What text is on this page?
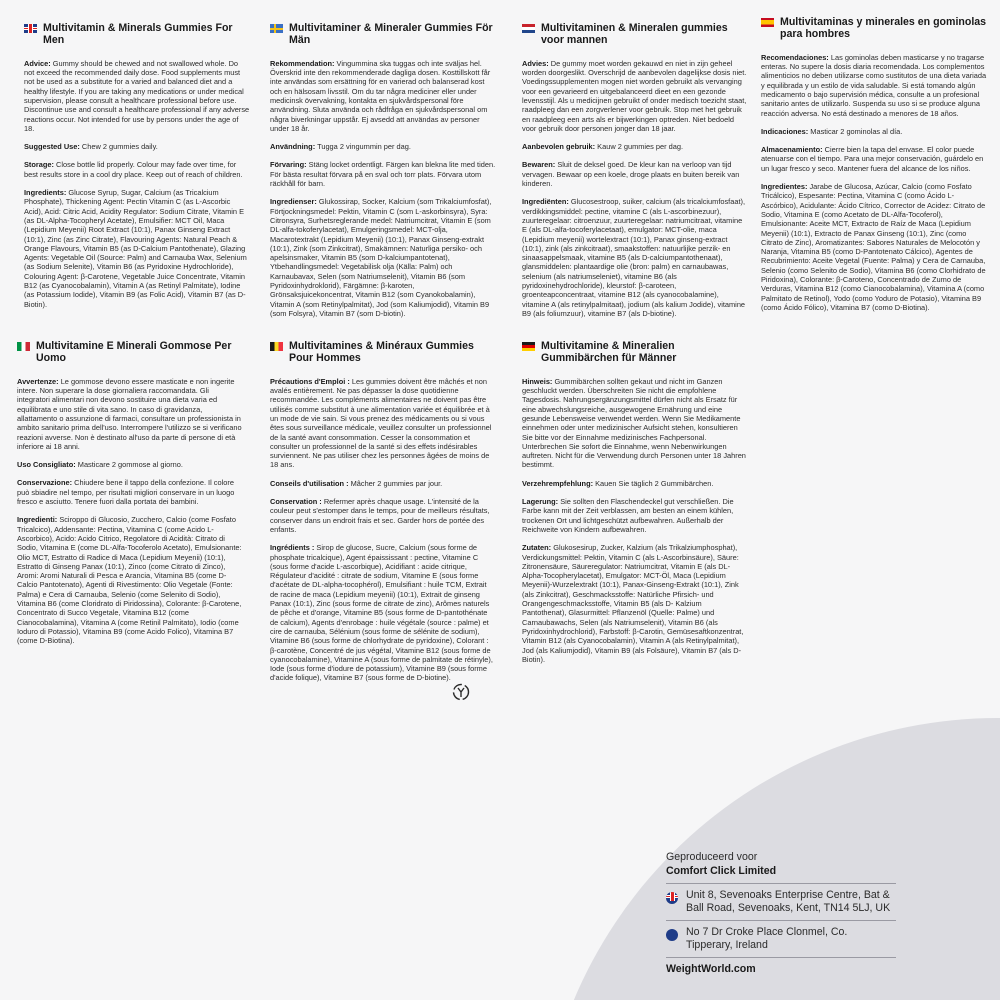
Multivitamin & Minerals Gummies For Men

Advice: Gummy should be chewed and not swallowed whole. Do not exceed the recommended daily dose. Food supplements must not be used as a substitute for a varied and balanced diet and a healthy lifestyle. If you are taking any medications or under medical supervision, please consult a healthcare professional before use. Discontinue use and consult a healthcare professional if any adverse reactions occur. Not intended for use by persons under the age of 18.

Suggested Use: Chew 2 gummies daily.

Storage: Close bottle lid properly. Colour may fade over time, for best results store in a cool dry place. Keep out of reach of children.

Ingredients: Glucose Syrup, Sugar, Calcium (as Tricalcium Phosphate), Thickening Agent: Pectin Vitamin C (as L-Ascorbic Acid), Acid: Citric Acid, Acidity Regulator: Sodium Citrate, Vitamin E (as DL-Alpha-Tocopheryl Acetate), Emulsifier: MCT Oil, Maca (Lepidium Meyenii) Root Extract (10:1), Panax Ginseng Extract (10:1), Zinc (as Zinc Citrate), Flavouring Agents: Natural Peach & Orange Flavours, Vitamin B5 (as D-Calcium Pantothenate), Glazing Agents: Vegetable Oil (Source: Palm) and Carnauba Wax, Selenium (as Sodium Selenite), Vitamin B6 (as Pyridoxine Hydrochloride), Colouring Agent: β-Carotene, Vegetable Juice Concentrate, Vitamin B12 (as Cyanocobalamin), Vitamin A (as Retinyl Palmitate), Iodine (as Potassium Iodide), Vitamin B9 (as Folic Acid), Vitamin B7 (as D- Biotin).

Multivitaminer & Mineraler Gummies För Män

Rekommendation: Vingummina ska tuggas och inte sväljas hel. Överskrid inte den rekommenderade dagliga dosen. Kosttillskott får inte användas som ersättning för en varierad och balanserad kost och en hälsosam livsstil. Om du tar några mediciner eller under medicinsk övervakning, kontakta en sjukvårdspersonal före användning. Sluta använda och rådfråga en sjukvårdspersonal om några biverkningar uppstår. Ej avsedd att användas av personer under 18 år.

Användning: Tugga 2 vingummin per dag.

Förvaring: Stäng locket ordentligt. Färgen kan blekna lite med tiden. För bästa resultat förvara på en sval och torr plats. Förvara utom räckhåll för barn.

Ingredienser: Glukossirap, Socker, Kalcium (som Trikalciumfosfat), Förtjockningsmedel: Pektin, Vitamin C (som L-askorbinsyra), Syra: Citronsyra, Surhetsreglerande medel: Natriumcitrat, Vitamin E (som DL-alfa-tokoferylacetat), Emulgeringsmedel: MCT-olja, Macarotextrakt (Lepidium Meyenii) (10:1), Panax Ginseng-extrakt (10:1), Zink (som Zinkcitrat), Smakämnen: Naturliga persiko- och apelsinsmaker, Vitamin B5 (som D-kalciumpantotenat), Ytbehandlingsmedel: Vegetabilisk olja (Källa: Palm) och Karnaubavax, Selen (som Natriumselenit), Vitamin B6 (som Pyridoxinhydroklorid), Färgämne: β-karoten, Grönsaksjuicekoncentrat, Vitamin B12 (som Cyanokobalamin), Vitamin A (som Retinylpalmitat), Jod (som Kaliumjodid), Vitamin B9 (som Folsyra), Vitamin B7 (som D-biotin).

Multivitaminen & Mineralen gummies voor mannen

Advies: De gummy moet worden gekauwd en niet in zijn geheel worden doorgeslikt. Overschrijd de aanbevolen dagelijkse dosis niet. Voedingssupplementen mogen niet worden gebruikt als vervanging voor een gevarieerd en uitgebalanceerd dieet en een gezonde levensstijl. Als u medicijnen gebruikt of onder medisch toezicht staat, raadpleeg dan een zorgverlener voor gebruik. Stop met het gebruik en raadpleeg een arts als er bijwerkingen optreden. Niet bedoeld voor gebruik door personen jonger dan 18 jaar.

Aanbevolen gebruik: Kauw 2 gummies per dag.

Bewaren: Sluit de deksel goed. De kleur kan na verloop van tijd vervagen. Bewaar op een koele, droge plaats en buiten bereik van kinderen.

Ingrediënten: Glucosestroop, suiker, calcium (als tricalciumfosfaat), verdikkingsmiddel: pectine, vitamine C (als L-ascorbinezuur), zuurteregelaar: citroenzuur, zuurteregelaar: natriumcitraat, vitamine E (als DL-alfa-tocoferylacetaat), emulgator: MCT-olie, maca (Lepidium meyenii) wortelextract (10:1), Panax ginseng-extract (10:1), zink (als zinkcitraat), smaakstoffen: natuurlijke perzik- en sinaasappelsmaak, vitamine B5 (als D-calciumpantothenaat), glansmiddelen: plantaardige olie (bron: palm) en carnaubawas, selenium (als natriumseleniet), vitamine B6 (als pyridoxinehydrochloride), kleurstof: β-caroteen, groenteapconcentraat, vitamine B12 (als cyanocobalamine), vitamine A (als retinylpalmitaat), jodium (als kalium Jodide), vitamine B9 (als foliumzuur), vitamine B7 (als D-biotine).

Multivitaminas y minerales en gominolas para hombres

Recomendaciones: Las gominolas deben masticarse y no tragarse enteras. No supere la dosis diaria recomendada. Los complementos alimenticios no deben utilizarse como sustitutos de una dieta variada y equilibrada y un estilo de vida saludable. Si está tomando algún medicamento o bajo supervisión médica, consulte a un profesional sanitario antes de utilizarlo. Suspenda su uso si se produce alguna reacción adversa. No está destinado a menores de 18 años.

Indicaciones: Masticar 2 gominolas al día.

Almacenamiento: Cierre bien la tapa del envase. El color puede atenuarse con el tiempo. Para una mejor conservación, guárdelo en un lugar fresco y seco. Mantener fuera del alcance de los niños.

Ingredientes: Jarabe de Glucosa, Azúcar, Calcio (como Fosfato Tricálcico), Espesante: Pectina, Vitamina C (como Ácido L-Ascórbico), Acidulante: Ácido Cítrico, Corrector de Acidez: Citrato de Sodio, Vitamina E (como Acetato de DL-Alfa-Tocoferol), Emulsionante: Aceite MCT, Extracto de Raíz de Maca (Lepidium Meyenii) (10:1), Extracto de Panax Ginseng (10:1), Zinc (como Citrato de Zinc), Aromatizantes: Sabores Naturales de Melocotón y Naranja, Vitamina B5 (como D-Pantotenato Cálcico), Agentes de Recubrimiento: Aceite Vegetal (Fuente: Palma) y Cera de Carnauba, Selenio (como Selenito de Sodio), Vitamina B6 (como Clorhidrato de Piridoxina), Colorante: β-Caroteno, Concentrado de Zumo de Verduras, Vitamina B12 (como Cianocobalamina), Vitamina A (como Palmitato de Retinol), Yodo (como Yoduro de Potasio), Vitamina B9 (como Ácido Fólico), Vitamina B7 (como D-Biotina).

Multivitamine E Minerali Gommose Per Uomo

Avvertenze: Le gommose devono essere masticate e non ingerite intere. Non superare la dose giornaliera raccomandata. Gli integratori alimentari non devono sostituire una dieta varia ed equilibrata e uno stile di vita sano. In caso di gravidanza, allattamento o assunzione di farmaci, consultare un professionista in ambito sanitario prima dell'uso. Interrompere l'utilizzo se si verificano reazioni avverse. Non è destinato all'uso da parte di persone di età inferiore ai 18 anni.

Uso Consigliato: Masticare 2 gommose al giorno.

Conservazione: Chiudere bene il tappo della confezione. Il colore può sbiadire nel tempo, per risultati migliori conservare in un luogo fresco e asciutto. Tenere fuori dalla portata dei bambini.

Ingredienti: Sciroppo di Glucosio, Zucchero, Calcio (come Fosfato Tricalcico), Addensante: Pectina, Vitamina C (come Acido L-Ascorbico), Acido: Acido Citrico, Regolatore di Acidità: Citrato di Sodio, Vitamina E (come DL-Alfa-Tocoferolo Acetato), Emulsionante: Olio MCT, Estratto di Radice di Maca (Lepidium Meyenii) (10:1), Estratto di Ginseng Panax (10:1), Zinco (come Citrato di Zinco), Aromi: Aromi Naturali di Pesca e Arancia, Vitamina B5 (come D-Calcio Pantotenato), Agenti di Rivestimento: Olio Vegetale (Fonte: Palma) e Cera di Carnauba, Selenio (come Selenito di Sodio), Vitamina B6 (come Cloridrato di Piridossina), Colorante: β-Carotene, Concentrato di Succo Vegetale, Vitamina B12 (come Cianocobalamina), Vitamina A (come Retinil Palmitato), Iodio (come Ioduro di Potassio), Vitamina B9 (come Acido Folico), Vitamina B7 (come D-Biotina).

Multivitamines & Minéraux Gummies Pour Hommes

Précautions d'Emploi : Les gummies doivent être mâchés et non avalés entièrement. Ne pas dépasser la dose quotidienne recommandée. Les compléments alimentaires ne doivent pas être utilisés comme substitut à une alimentation variée et équilibrée et à un mode de vie sain. Si vous prenez des médicaments ou si vous êtes sous surveillance médicale, veuillez consulter un professionnel de la santé avant consommation. Cesser la consommation et consulter un professionnel de la santé si des effets indésirables surviennent. Ne pas utiliser chez les personnes âgées de moins de 18 ans.

Conseils d'utilisation : Mâcher 2 gummies par jour.

Conservation : Refermer après chaque usage. L'intensité de la couleur peut s'estomper dans le temps, pour de meilleurs résultats, conserver dans un endroit frais et sec. Garder hors de portée des enfants.

Ingrédients : Sirop de glucose, Sucre, Calcium (sous forme de phosphate tricalcique), Agent épaississant : pectine, Vitamine C (sous forme d'acide L-ascorbique), Acidifiant : acide citrique, Régulateur d'acidité : citrate de sodium, Vitamine E (sous forme d'acétate de DL-alpha-tocophérol), Emulsifiant : huile TCM, Extrait de racine de maca (Lepidium meyenii) (10:1), Extrait de ginseng Panax (10:1), Zinc (sous forme de citrate de zinc), Arômes naturels de pêche et d'orange, Vitamine B5 (sous forme de D-pantothénate de calcium), Agents d'enrobage : huile végétale (source : palme) et cire de carnauba, Sélénium (sous forme de sélénite de sodium), Vitamine B6 (sous forme de chlorhydrate de pyridoxine), Colorant : β-carotène, Concentré de jus végétal, Vitamine B12 (sous forme de cyanocobalamine), Vitamine A (sous forme de palmitate de rétinyle), Iode (sous forme d'iodure de potassium), Vitamine B9 (sous forme d'acide folique), Vitamine B7 (sous forme de D-biotine).

Multivitamine & Mineralien Gummibärchen für Männer

Hinweis: Gummibärchen sollten gekaut und nicht im Ganzen geschluckt werden. Überschreiten Sie nicht die empfohlene Tagesdosis. Nahrungsergänzungsmittel dürfen nicht als Ersatz für eine abwechslungsreiche, ausgewogene Ernährung und eine gesunde Lebensweise verwendet werden. Wenn Sie Medikamente einnehmen oder unter medizinischer Aufsicht stehen, konsultieren Sie bitte vor der Einnahme medizinisches Fachpersonal. Unterbrechen Sie sofort die Einnahme, wenn Nebenwirkungen auftreten. Nicht für die Verwendung durch Personen unter 18 Jahren bestimmt.

Verzehrempfehlung: Kauen Sie täglich 2 Gummibärchen.

Lagerung: Sie sollten den Flaschendeckel gut verschließen. Die Farbe kann mit der Zeit verblassen, am besten an einem kühlen, trockenen Ort und lichtgeschützt aufbewahren. Außerhalb der Reichweite von Kindern aufbewahren.

Zutaten: Glukosesirup, Zucker, Kalzium (als Trikalziumphosphat), Verdickungsmittel: Pektin, Vitamin C (als L-Ascorbinsäure), Säure: Zitronensäure, Säureregulator: Natriumcitrat, Vitamin E (als DL-Alpha-Tocopherylacetat), Emulgator: MCT-Öl, Maca (Lepidium Meyenii)-Wurzelextrakt (10:1), Panax-Ginseng-Extrakt (10:1), Zink (als Zinkcitrat), Geschmacksstoffe: Natürliche Pfirsich- und Orangengeschmacksstoffe, Vitamin B5 (als D- Kalzium Pantothenat), Glasurmittel: Pflanzenöl (Quelle: Palme) und Carnaubawachs, Selen (als Natriumselenit), Vitamin B6 (als Pyridoxinhydrochlorid), Farbstoff: β-Carotin, Gemüsesaftkonzentrat, Vitamin B12 (als Cyanocobalamin), Vitamin A (als Retinylpalmitat), Jod (als Kaliumjodid), Vitamin B9 (als Folsäure), Vitamin B7 (als D-Biotin).

Geproduceerd voor
Comfort Click Limited
Unit 8, Sevenoaks Enterprise Centre, Bat & Ball Road, Sevenoaks, Kent, TN14 5LJ, UK
No 7 Dr Croke Place Clonmel, Co. Tipperary, Ireland
WeightWorld.com
